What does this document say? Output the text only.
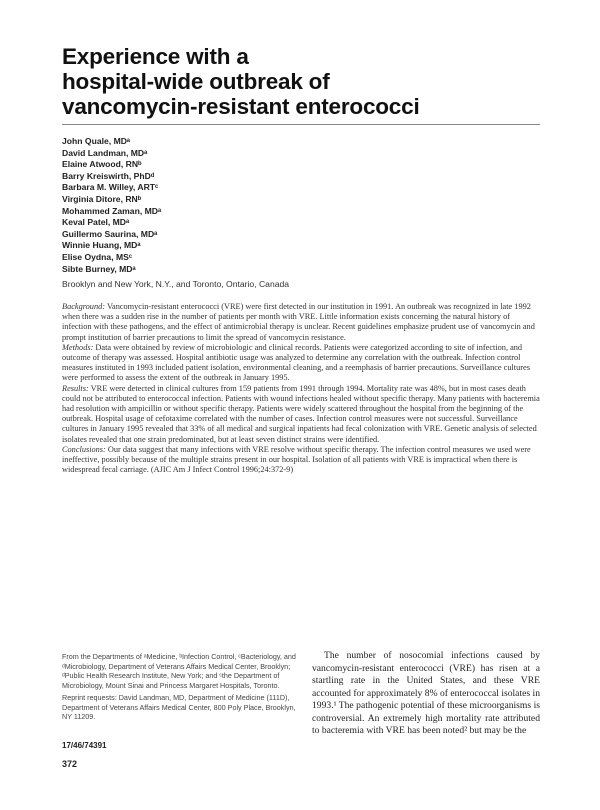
Experience with a
hospital-wide outbreak of
vancomycin-resistant enterococci
John Quale, MDᵃ
David Landman, MDᵃ
Elaine Atwood, RNᵇ
Barry Kreiswirth, PhDᵈ
Barbara M. Willey, ARTᶜ
Virginia Ditore, RNᵇ
Mohammed Zaman, MDᵃ
Keval Patel, MDᵃ
Guillermo Saurina, MDᵃ
Winnie Huang, MDᵃ
Elise Oydna, MSᶜ
Sibte Burney, MDᵃ
Brooklyn and New York, N.Y., and Toronto, Ontario, Canada

Background: Vancomycin-resistant enterococci (VRE) were first detected in our institution in 1991. An outbreak was recognized in late 1992 when there was a sudden rise in the number of patients per month with VRE. Little information exists concerning the natural history of infection with these pathogens, and the effect of antimicrobial therapy is unclear. Recent guidelines emphasize prudent use of vancomycin and prompt institution of barrier precautions to limit the spread of vancomycin resistance.

Methods: Data were obtained by review of microbiologic and clinical records. Patients were categorized according to site of infection, and outcome of therapy was assessed. Hospital antibiotic usage was analyzed to determine any correlation with the outbreak. Infection control measures instituted in 1993 included patient isolation, environmental cleaning, and a reemphasis of barrier precautions. Surveillance cultures were performed to assess the extent of the outbreak in January 1995.

Results: VRE were detected in clinical cultures from 159 patients from 1991 through 1994. Mortality rate was 48%, but in most cases death could not be attributed to enterococcal infection. Patients with wound infections healed without specific therapy. Many patients with bacteremia had resolution with ampicillin or without specific therapy. Patients were widely scattered throughout the hospital from the beginning of the outbreak. Hospital usage of cefotaxime correlated with the number of cases. Infection control measures were not successful. Surveillance cultures in January 1995 revealed that 33% of all medical and surgical inpatients had fecal colonization with VRE. Genetic analysis of selected isolates revealed that one strain predominated, but at least seven distinct strains were identified.

Conclusions: Our data suggest that many infections with VRE resolve without specific therapy. The infection control measures we used were ineffective, possibly because of the multiple strains present in our hospital. Isolation of all patients with VRE is impractical when there is widespread fecal carriage. (AJIC Am J Infect Control 1996;24:372-9)

From the Departments of ᵃMedicine, ᵇInfection Control, ᶜBacteriology, and ᵈMicrobiology, Department of Veterans Affairs Medical Center, Brooklyn; ᵈPublic Health Research Institute, New York; and ᶜthe Department of Microbiology, Mount Sinai and Princess Margaret Hospitals, Toronto.

Reprint requests: David Landman, MD, Department of Medicine (111D), Department of Veterans Affairs Medical Center, 800 Poly Place, Brooklyn, NY 11209.

17/46/74391
372

The number of nosocomial infections caused by vancomycin-resistant enterococci (VRE) has risen at a startling rate in the United States, and these VRE accounted for approximately 8% of enterococcal isolates in 1993.¹ The pathogenic potential of these microorganisms is controversial. An extremely high mortality rate attributed to bacteremia with VRE has been noted² but may be the
